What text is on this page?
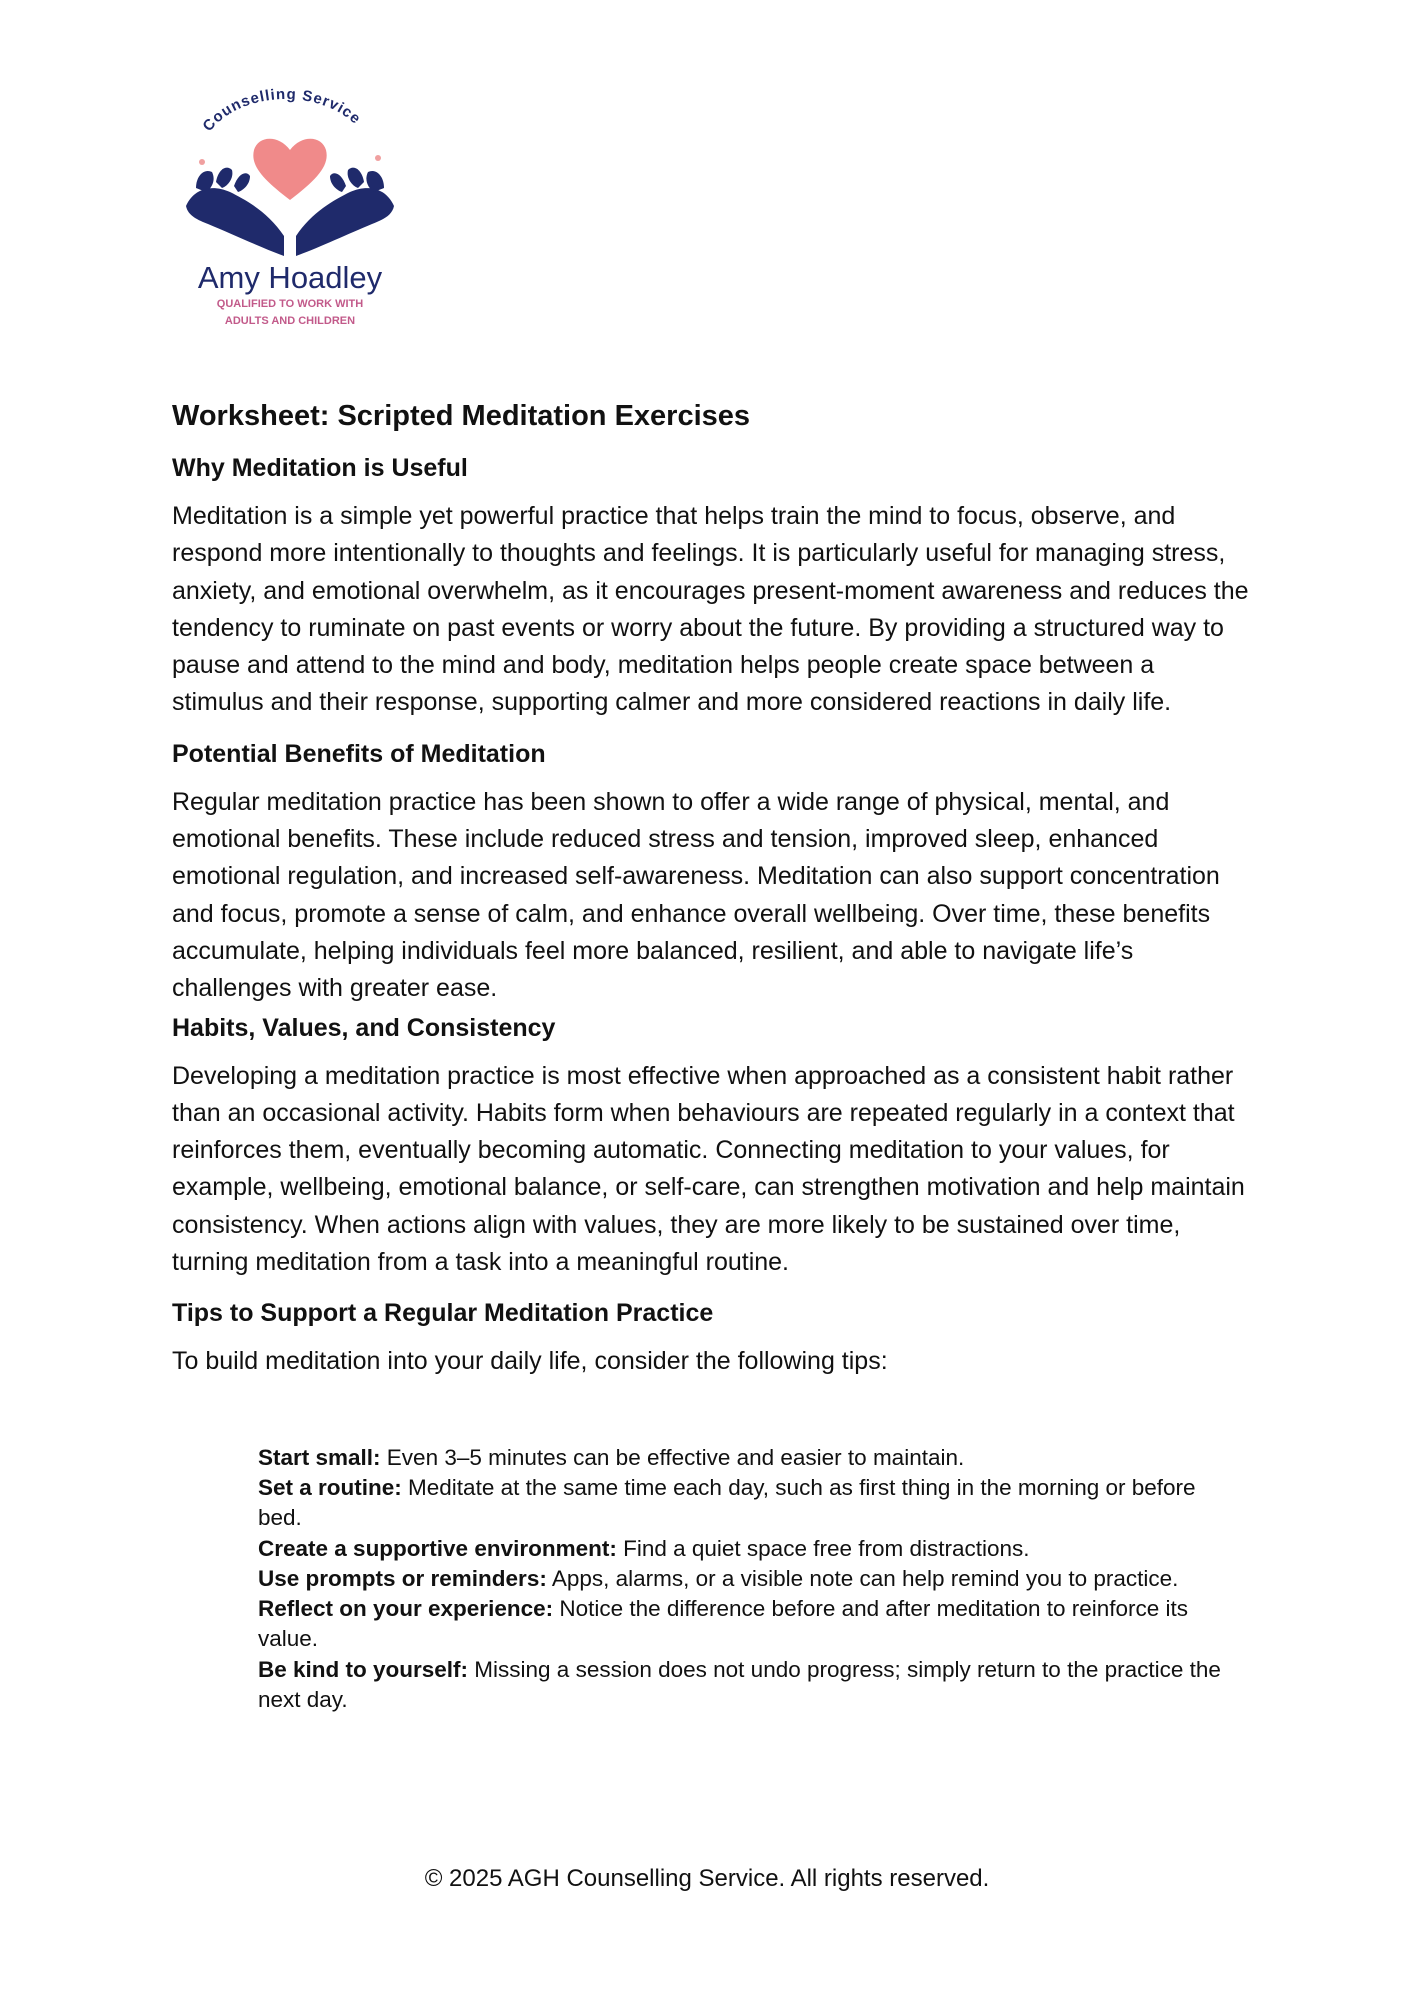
Counselling Service
Amy Hoadley
QUALIFIED TO WORK WITH
ADULTS AND CHILDREN
Worksheet: Scripted Meditation Exercises
Why Meditation is Useful

Meditation is a simple yet powerful practice that helps train the mind to focus, observe, and respond more intentionally to thoughts and feelings. It is particularly useful for managing stress, anxiety, and emotional overwhelm, as it encourages present-moment awareness and reduces the tendency to ruminate on past events or worry about the future. By providing a structured way to pause and attend to the mind and body, meditation helps people create space between a stimulus and their response, supporting calmer and more considered reactions in daily life.

Potential Benefits of Meditation

Regular meditation practice has been shown to offer a wide range of physical, mental, and emotional benefits. These include reduced stress and tension, improved sleep, enhanced emotional regulation, and increased self-awareness. Meditation can also support concentration and focus, promote a sense of calm, and enhance overall wellbeing. Over time, these benefits accumulate, helping individuals feel more balanced, resilient, and able to navigate life’s challenges with greater ease.

Habits, Values, and Consistency

Developing a meditation practice is most effective when approached as a consistent habit rather than an occasional activity. Habits form when behaviours are repeated regularly in a context that reinforces them, eventually becoming automatic. Connecting meditation to your values, for example, wellbeing, emotional balance, or self-care, can strengthen motivation and help maintain consistency. When actions align with values, they are more likely to be sustained over time, turning meditation from a task into a meaningful routine.

Tips to Support a Regular Meditation Practice

To build meditation into your daily life, consider the following tips:

Start small: Even 3–5 minutes can be effective and easier to maintain.
Set a routine: Meditate at the same time each day, such as first thing in the morning or before bed.
Create a supportive environment: Find a quiet space free from distractions.
Use prompts or reminders: Apps, alarms, or a visible note can help remind you to practice.
Reflect on your experience: Notice the difference before and after meditation to reinforce its value.
Be kind to yourself: Missing a session does not undo progress; simply return to the practice the next day.
© 2025 AGH Counselling Service. All rights reserved.
